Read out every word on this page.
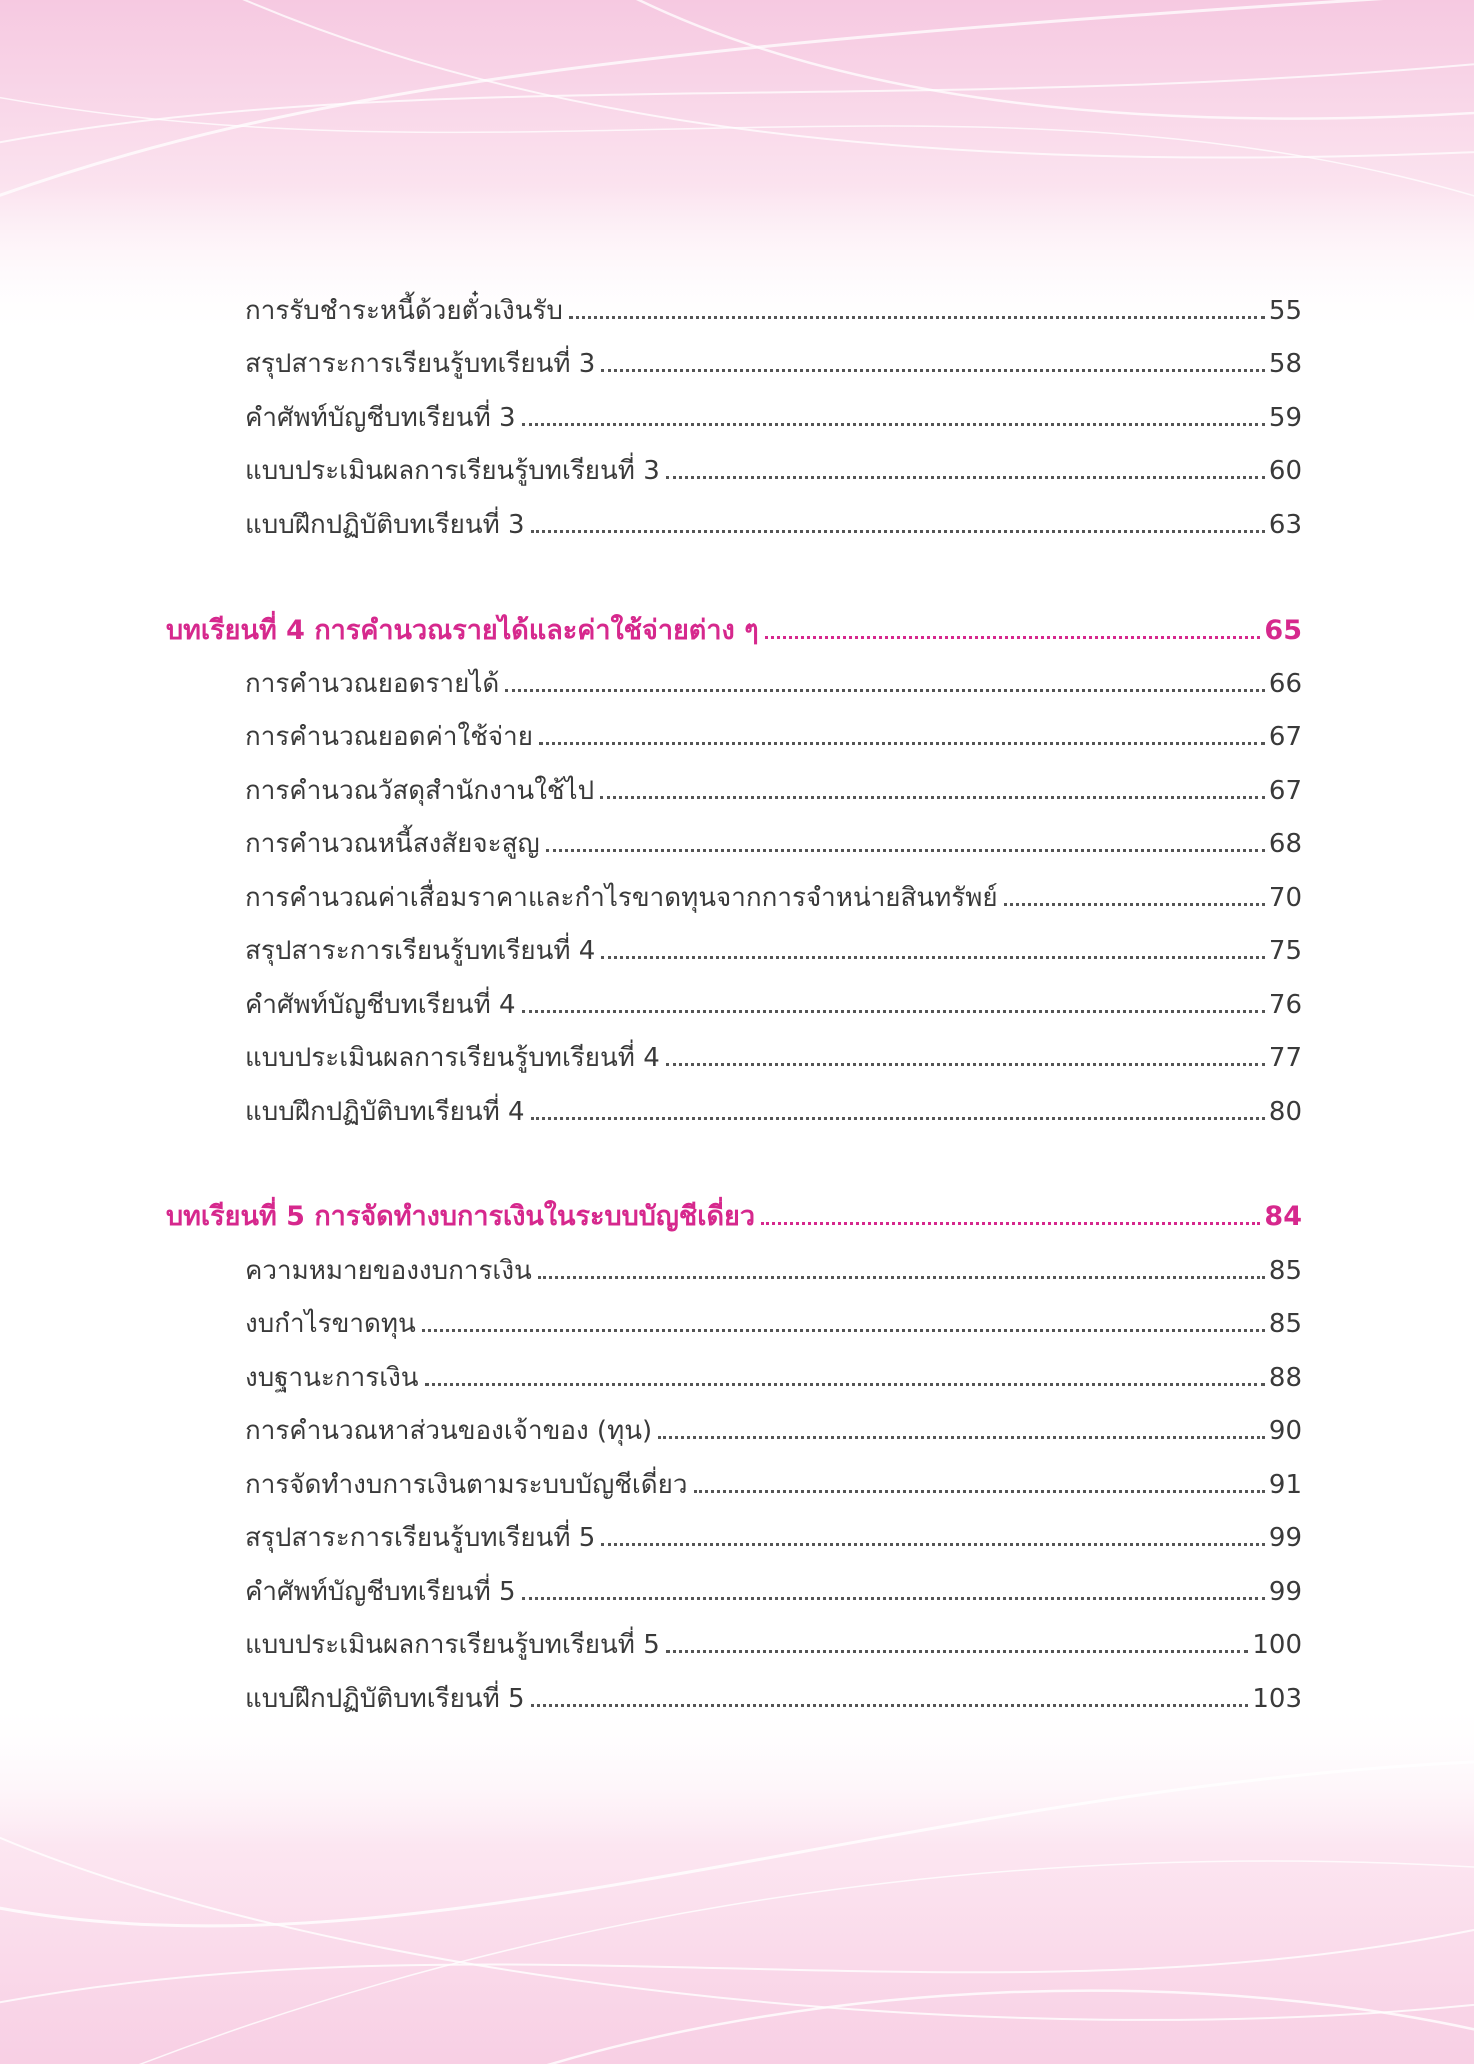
การรับชำระหนี้ด้วยตั๋วเงินรับ	55
สรุปสาระการเรียนรู้บทเรียนที่ 3	58
คำศัพท์บัญชีบทเรียนที่ 3	59
แบบประเมินผลการเรียนรู้บทเรียนที่ 3	60
แบบฝึกปฏิบัติบทเรียนที่ 3	63
บทเรียนที่ 4 การคำนวณรายได้และค่าใช้จ่ายต่าง ๆ	65
การคำนวณยอดรายได้	66
การคำนวณยอดค่าใช้จ่าย	67
การคำนวณวัสดุสำนักงานใช้ไป	67
การคำนวณหนี้สงสัยจะสูญ	68
การคำนวณค่าเสื่อมราคาและกำไรขาดทุนจากการจำหน่ายสินทรัพย์	70
สรุปสาระการเรียนรู้บทเรียนที่ 4	75
คำศัพท์บัญชีบทเรียนที่ 4	76
แบบประเมินผลการเรียนรู้บทเรียนที่ 4	77
แบบฝึกปฏิบัติบทเรียนที่ 4	80
บทเรียนที่ 5 การจัดทำงบการเงินในระบบบัญชีเดี่ยว	84
ความหมายของงบการเงิน	85
งบกำไรขาดทุน	85
งบฐานะการเงิน	88
การคำนวณหาส่วนของเจ้าของ (ทุน)	90
การจัดทำงบการเงินตามระบบบัญชีเดี่ยว	91
สรุปสาระการเรียนรู้บทเรียนที่ 5	99
คำศัพท์บัญชีบทเรียนที่ 5	99
แบบประเมินผลการเรียนรู้บทเรียนที่ 5	100
แบบฝึกปฏิบัติบทเรียนที่ 5	103
